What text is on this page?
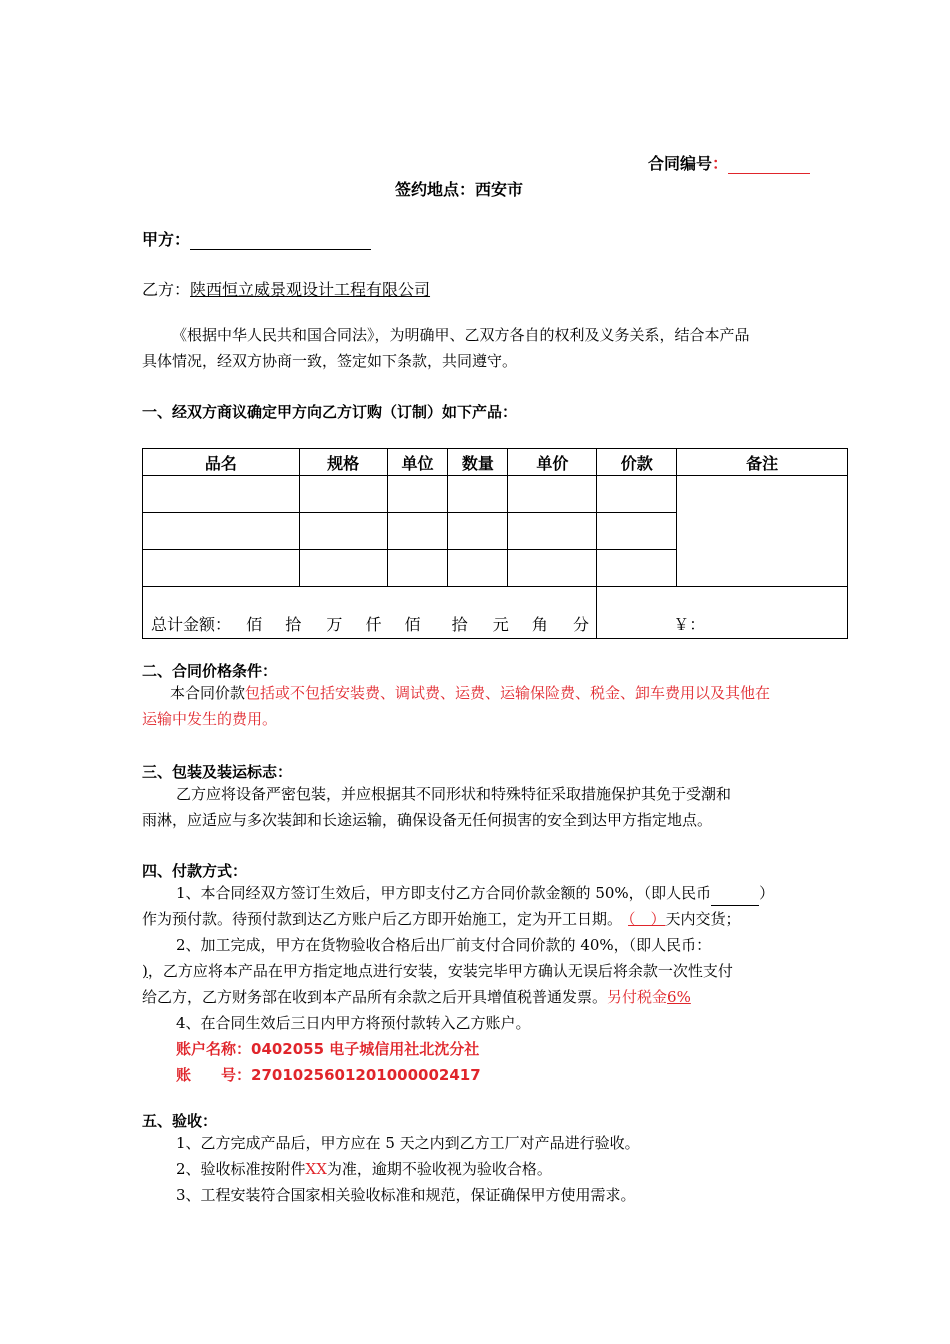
合同编号：
签约地点：西安市
甲方：
乙方：陕西恒立威景观设计工程有限公司
《根据中华人民共和国合同法》，为明确甲、乙双方各自的权利及义务关系，结合本产品
具体情况，经双方协商一致，签定如下条款，共同遵守。
一、经双方商议确定甲方向乙方订购（订制）如下产品：
品名	规格	单位	数量	单价	价款	备注

总计金额： 佰 拾 万 仟 佰 拾 元 角 分					￥：	
二、合同价格条件：
本合同价款包括或不包括安装费、调试费、运费、运输保险费、税金、卸车费用以及其他在
运输中发生的费用。
三、包装及装运标志：
乙方应将设备严密包装，并应根据其不同形状和特殊特征采取措施保护其免于受潮和
雨淋，应适应与多次装卸和长途运输，确保设备无任何损害的安全到达甲方指定地点。
四、付款方式：
1、本合同经双方签订生效后，甲方即支付乙方合同价款金额的 50%，（即人民币	）
作为预付款。待预付款到达乙方账户后乙方即开始施工，定为开工日期。 （　）天内交货；
2、加工完成，甲方在货物验收合格后出厂前支付合同价款的 40%，（即人民币：
)，乙方应将本产品在甲方指定地点进行安装，安装完毕甲方确认无误后将余款一次性支付
给乙方，乙方财务部在收到本产品所有余款之后开具增值税普通发票。另付税金6%
4、在合同生效后三日内甲方将预付款转入乙方账户。
账户名称：0402055 电子城信用社北沈分社
账　　号：2701025601201000002417
五、验收：
1、乙方完成产品后，甲方应在 5 天之内到乙方工厂对产品进行验收。
2、验收标准按附件XX为准，逾期不验收视为验收合格。
3、工程安装符合国家相关验收标准和规范，保证确保甲方使用需求。
